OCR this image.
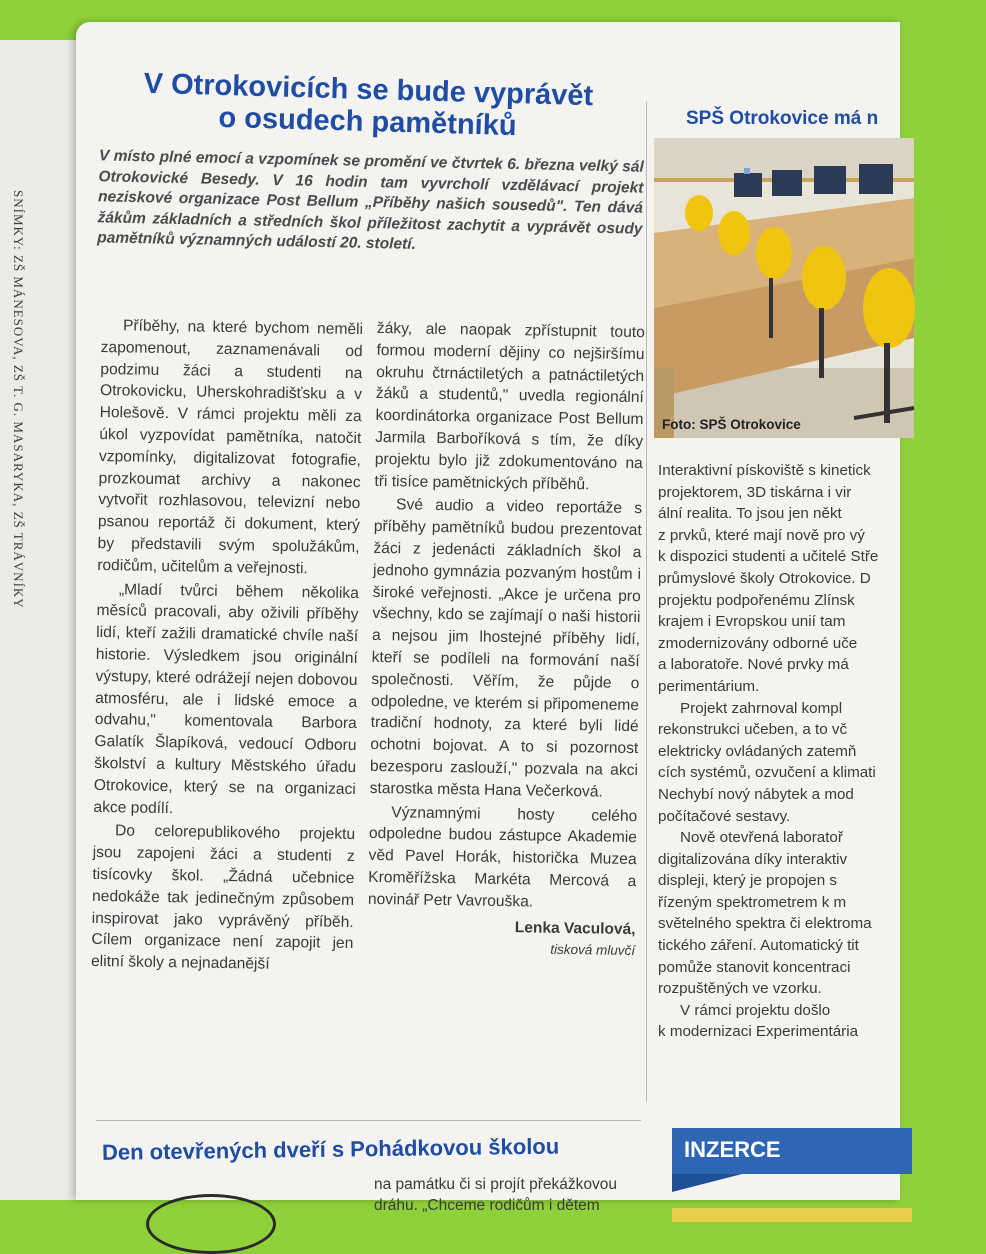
SNÍMKY: ZŠ MÁNESOVA, ZŠ T. G. MASARYKA, ZŠ TRÁVNÍKY
V Otrokovicích se bude vyprávět
o osudech pamětníků

V místo plné emocí a vzpomínek se promění ve čtvrtek 6. března velký sál Otrokovické Besedy. V 16 hodin tam vyvrcholí vzdělávací projekt neziskové organizace Post Bellum „Příběhy našich sousedů". Ten dává žákům základních a středních škol příležitost zachytit a vyprávět osudy pamětníků významných událostí 20. století.

Příběhy, na které bychom neměli zapomenout, zaznamenávali od podzimu žáci a studenti na Otrokovicku, Uherskohradišťsku a v Holešově. V rámci projektu měli za úkol vyzpovídat pamětníka, natočit vzpomínky, digitalizovat fotografie, prozkoumat archivy a nakonec vytvořit rozhlasovou, televizní nebo psanou reportáž či dokument, který by představili svým spolužákům, rodičům, učitelům a veřejnosti.

„Mladí tvůrci během několika měsíců pracovali, aby oživili příběhy lidí, kteří zažili dramatické chvíle naší historie. Výsledkem jsou originální výstupy, které odrážejí nejen dobovou atmosféru, ale i lidské emoce a odvahu," komentovala Barbora Galatík Šlapíková, vedoucí Odboru školství a kultury Městského úřadu Otrokovice, který se na organizaci akce podílí.

Do celorepublikového projektu jsou zapojeni žáci a studenti z tisícovky škol. „Žádná učebnice nedokáže tak jedinečným způsobem inspirovat jako vyprávěný příběh. Cílem organizace není zapojit jen elitní školy a nejnadanější

žáky, ale naopak zpřístupnit touto formou moderní dějiny co nejširšímu okruhu čtrnáctiletých a patnáctiletých žáků a studentů," uvedla regionální koordinátorka organizace Post Bellum Jarmila Barboříková s tím, že díky projektu bylo již zdokumentováno na tři tisíce pamětnických příběhů.

Své audio a video reportáže s příběhy pamětníků budou prezentovat žáci z jedenácti základních škol a jednoho gymnázia pozvaným hostům i široké veřejnosti. „Akce je určena pro všechny, kdo se zajímají o naši historii a nejsou jim lhostejné příběhy lidí, kteří se podíleli na formování naší společnosti. Věřím, že půjde o odpoledne, ve kterém si připomeneme tradiční hodnoty, za které byli lidé ochotni bojovat. A to si pozornost bezesporu zaslouží," pozvala na akci starostka města Hana Večerková.

Významnými hosty celého odpoledne budou zástupce Akademie věd Pavel Horák, historička Muzea Kroměřížska Markéta Mercová a novinář Petr Vavrouška.

Lenka Vaculová,
tisková mluvčí
SPŠ Otrokovice má n
Foto: SPŠ Otrokovice

Interaktivní pískoviště s kinetick

projektorem, 3D tiskárna i vir

ální realita. To jsou jen někt

z prvků, které mají nově pro vý

k dispozici studenti a učitelé Stře

průmyslové školy Otrokovice. D

projektu podpořenému Zlínsk

krajem i Evropskou unií tam

zmodernizovány odborné uče

a laboratoře. Nové prvky má

perimentárium.

Projekt zahrnoval kompl

rekonstrukci učeben, a to vč

elektricky ovládaných zatemň

cích systémů, ozvučení a klimati

Nechybí nový nábytek a mod

počítačové sestavy.

Nově otevřená laboratoř

digitalizována díky interaktiv

displeji, který je propojen s

řízeným spektrometrem k m

světelného spektra či elektroma

tického záření. Automatický tit

pomůže stanovit koncentraci

rozpuštěných ve vzorku.

V rámci projektu došlo

k modernizaci Experimentária

Den otevřených dveří s Pohádkovou školou
na památku či si projít překážkovou
dráhu. „Chceme rodičům i dětem
INZERCE
